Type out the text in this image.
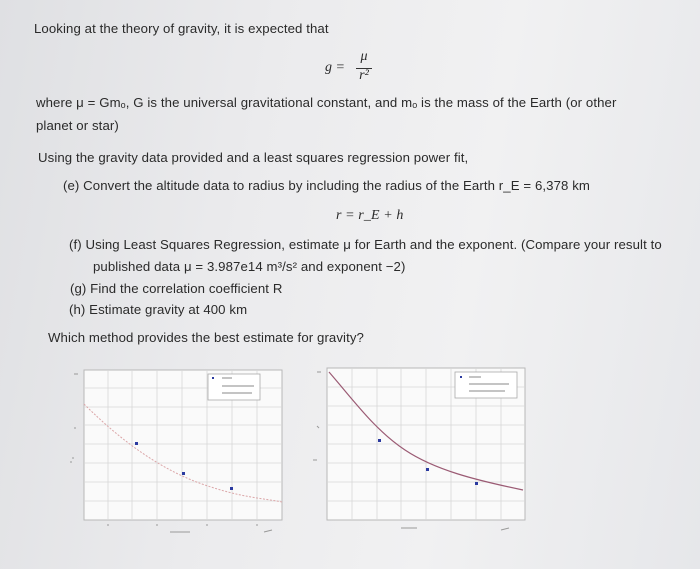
Looking at the theory of gravity, it is expected that
g =
μ
r²
where μ = Gmₒ, G is the universal gravitational constant, and mₒ is the mass of the Earth (or other
planet or star)
Using the gravity data provided and a least squares regression power fit,
(e) Convert the altitude data to radius by including the radius of the Earth r_E = 6,378 km
r = r_E + h
(f) Using Least Squares Regression, estimate μ for Earth and the exponent. (Compare your result to
published data μ = 3.987e14 m³/s² and exponent −2)
(g) Find the correlation coefficient R
(h) Estimate gravity at 400 km
Which method provides the best estimate for gravity?
